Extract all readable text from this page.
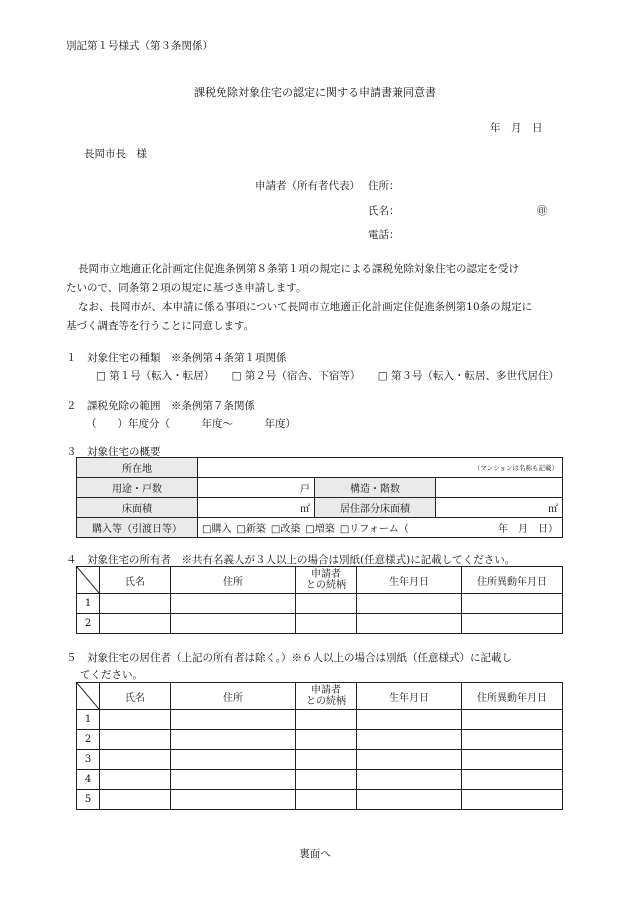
別記第１号様式（第３条関係）
課税免除対象住宅の認定に関する申請書兼同意書
年　月　日
長岡市長　様
申請者（所有者代表） 住所：
氏名：	㊞
電話：
長岡市立地適正化計画定住促進条例第８条第１項の規定による課税免除対象住宅の認定を受け
たいので、同条第２項の規定に基づき申請します。
なお、長岡市が、本申請に係る事項について長岡市立地適正化計画定住促進条例第10条の規定に
基づく調査等を行うことに同意します。
１　対象住宅の種類　※条例第４条第１項関係
□ 第１号（転入・転居） □ 第２号（宿舎、下宿等） □ 第３号（転入・転居、多世代居住）
２　課税免除の範囲　※条例第７条関係
（　　）年度分（　　　年度～　　　年度）
３　対象住宅の概要
所在地	（マンションは名称も記載）		
用途・戸数	戸	構造・階数	
床面積	㎡	居住部分床面積	㎡
購入等（引渡日等）	□購入 □新築 □改築 □増築 □リフォーム（ 年　月　日）		
４　対象住宅の所有者　※共有名義人が３人以上の場合は別紙(任意様式)に記載してください。
	氏名	住所	申請者
との続柄	生年月日	住所異動年月日
1					
2					
５　対象住宅の居住者（上記の所有者は除く。）※６人以上の場合は別紙（任意様式）に記載し
てください。
	氏名	住所	申請者
との続柄	生年月日	住所異動年月日
1					
2					
3					
4					
5					
裏面へ
